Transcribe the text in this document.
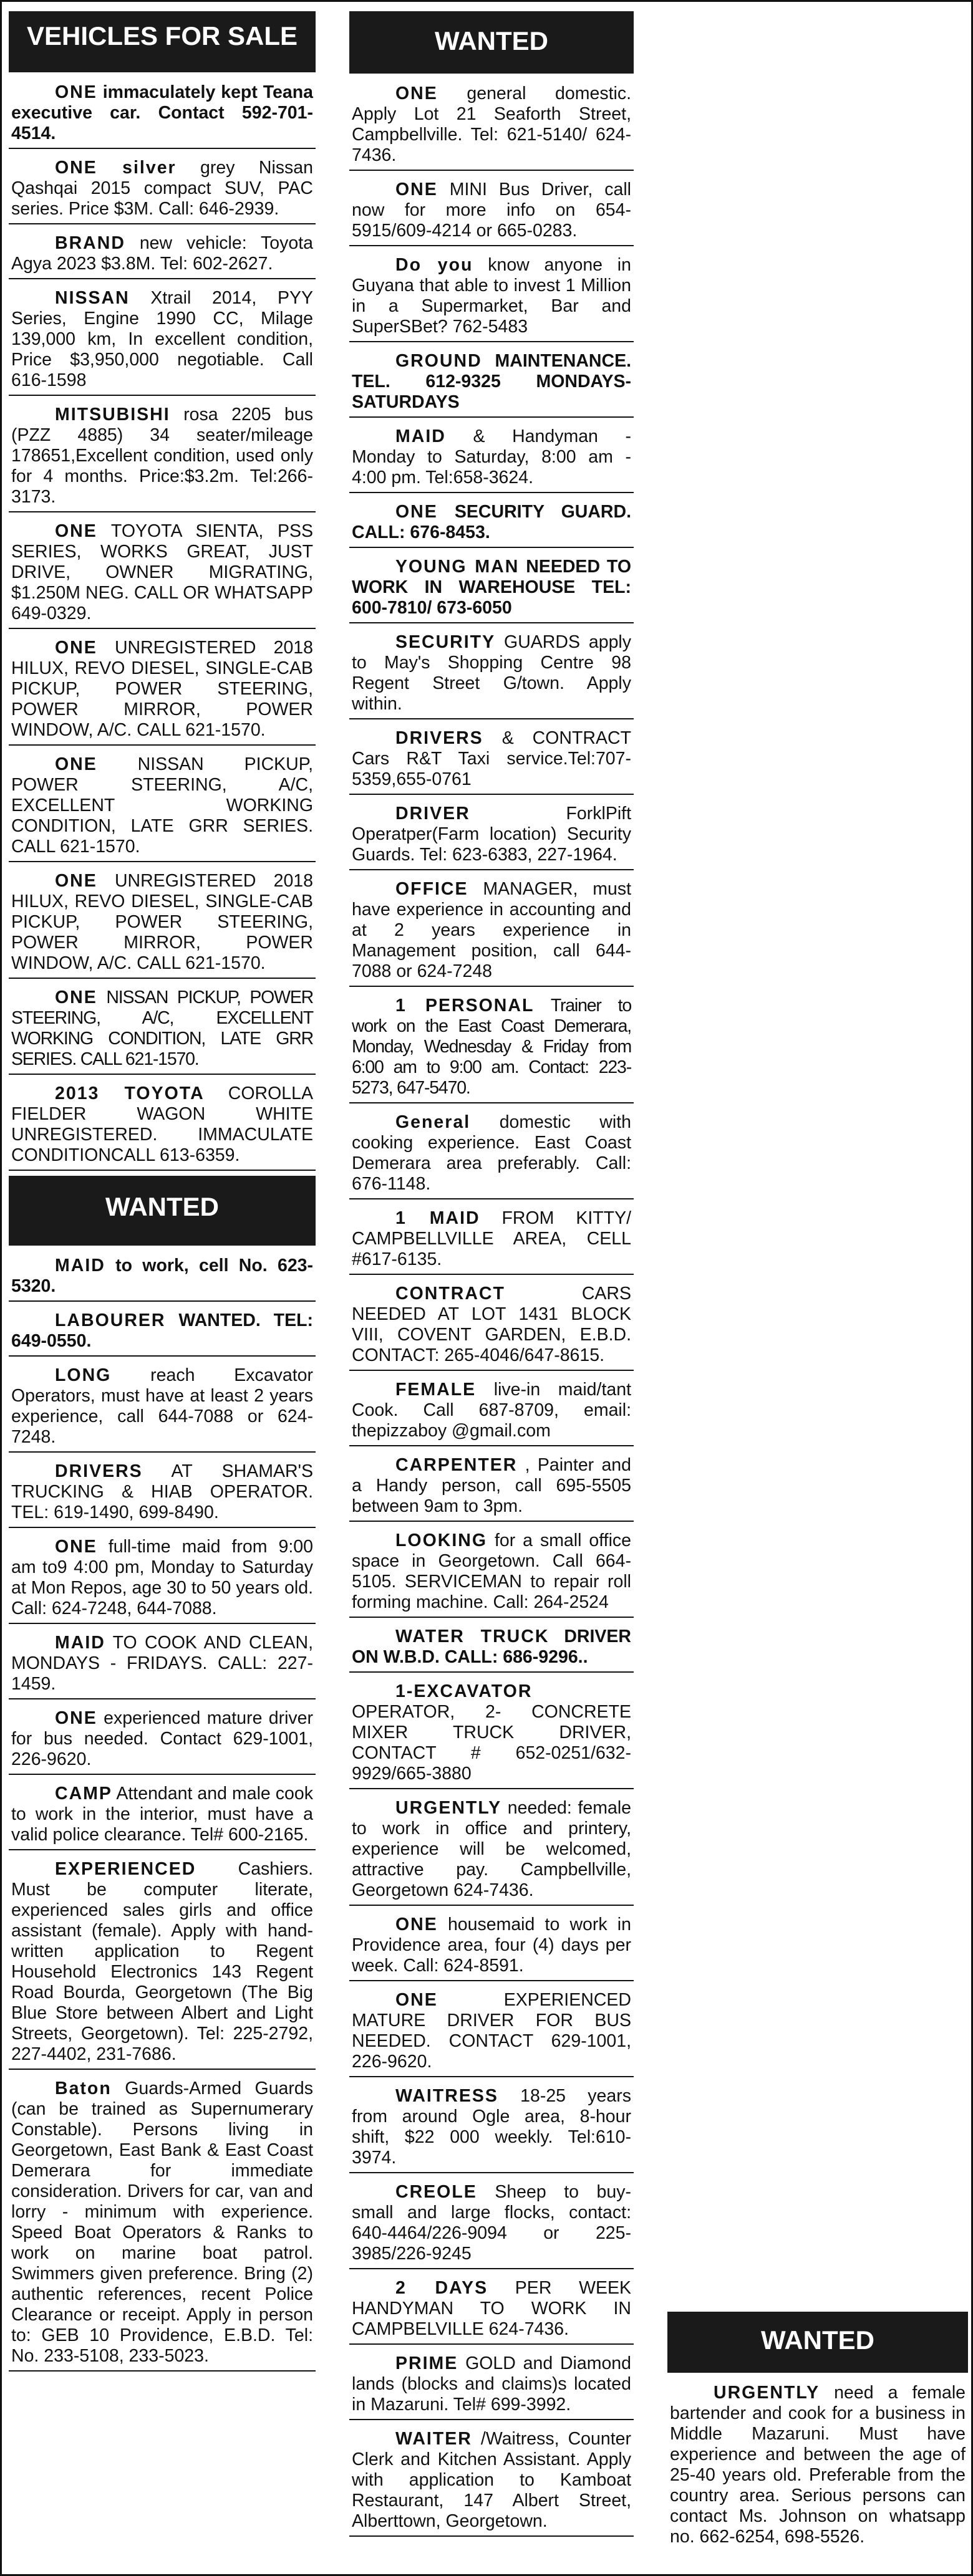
VEHICLES FOR SALE
ONE immaculately kept Teana executive car. Contact 592-701-4514.
ONE silver grey Nissan Qashqai 2015 compact SUV, PAC series. Price $3M. Call: 646-2939.
BRAND new vehicle: Toyota Agya 2023 $3.8M. Tel: 602-2627.
NISSAN Xtrail 2014, PYY Series, Engine 1990 CC, Milage 139,000 km, In excellent condition, Price $3,950,000 negotiable. Call 616-1598
MITSUBISHI rosa 2205 bus (PZZ 4885) 34 seater/mileage 178651,Excellent condition, used only for 4 months. Price:$3.2m. Tel:266-3173.
ONE TOYOTA SIENTA, PSS SERIES, WORKS GREAT, JUST DRIVE, OWNER MIGRATING, $1.250M NEG. CALL OR WHATSAPP 649-0329.
ONE UNREGISTERED 2018 HILUX, REVO DIESEL, SINGLE-CAB PICKUP, POWER STEERING, POWER MIRROR, POWER WINDOW, A/C. CALL 621-1570.
ONE NISSAN PICKUP, POWER STEERING, A/C, EXCELLENT WORKING CONDITION, LATE GRR SERIES. CALL 621-1570.
ONE UNREGISTERED 2018 HILUX, REVO DIESEL, SINGLE-CAB PICKUP, POWER STEERING, POWER MIRROR, POWER WINDOW, A/C. CALL 621-1570.
ONE NISSAN PICKUP, POWER STEERING, A/C, EXCELLENT WORKING CONDITION, LATE GRR SERIES. CALL 621-1570.
2013 TOYOTA COROLLA FIELDER WAGON WHITE UNREGISTERED. IMMACULATE CONDITIONCALL 613-6359.
WANTED
MAID to work, cell No. 623-5320.
LABOURER WANTED. TEL: 649-0550.
LONG reach Excavator Operators, must have at least 2 years experience, call 644-7088 or 624-7248.
DRIVERS AT SHAMAR'S TRUCKING & HIAB OPERATOR. TEL: 619-1490, 699-8490.
ONE full-time maid from 9:00 am to9 4:00 pm, Monday to Saturday at Mon Repos, age 30 to 50 years old. Call: 624-7248, 644-7088.
MAID TO COOK AND CLEAN, MONDAYS - FRIDAYS. CALL: 227-1459.
ONE experienced mature driver for bus needed. Contact 629-1001, 226-9620.
CAMP Attendant and male cook to work in the interior, must have a valid police clearance. Tel# 600-2165.
EXPERIENCED Cashiers. Must be computer literate, experienced sales girls and office assistant (female). Apply with hand-written application to Regent Household Electronics 143 Regent Road Bourda, Georgetown (The Big Blue Store between Albert and Light Streets, Georgetown). Tel: 225-2792, 227-4402, 231-7686.
Baton Guards-Armed Guards (can be trained as Supernumerary Constable). Persons living in Georgetown, East Bank & East Coast Demerara for immediate consideration. Drivers for car, van and lorry - minimum with experience. Speed Boat Operators & Ranks to work on marine boat patrol. Swimmers given preference. Bring (2) authentic references, recent Police Clearance or receipt. Apply in person to: GEB 10 Providence, E.B.D. Tel: No. 233-5108, 233-5023.
WANTED
ONE general domestic. Apply Lot 21 Seaforth Street, Campbellville. Tel: 621-5140/ 624-7436.
ONE MINI Bus Driver, call now for more info on 654-5915/609-4214 or 665-0283.
Do you know anyone in Guyana that able to invest 1 Million in a Supermarket, Bar and SuperSBet? 762-5483
GROUND MAINTENANCE. TEL. 612-9325 MONDAYS-SATURDAYS
MAID & Handyman - Monday to Saturday, 8:00 am - 4:00 pm. Tel:658-3624.
ONE SECURITY GUARD. CALL: 676-8453.
YOUNG MAN NEEDED TO WORK IN WAREHOUSE TEL: 600-7810/ 673-6050
SECURITY GUARDS apply to May's Shopping Centre 98 Regent Street G/town. Apply within.
DRIVERS & CONTRACT Cars R&T Taxi service.Tel:707-5359,655-0761
DRIVER	ForklPift Operatper(Farm location) Security Guards. Tel: 623-6383, 227-1964.
OFFICE MANAGER, must have experience in accounting and at 2 years experience in Management position, call 644-7088 or 624-7248
1 PERSONAL Trainer to work on the East Coast Demerara, Monday, Wednesday & Friday from 6:00 am to 9:00 am. Contact: 223-5273, 647-5470.
General domestic with cooking experience. East Coast Demerara area preferably. Call: 676-1148.
1 MAID FROM KITTY/ CAMPBELLVILLE AREA, CELL #617-6135.
CONTRACT	CARS NEEDED AT LOT 1431 BLOCK VIII, COVENT GARDEN, E.B.D. CONTACT: 265-4046/647-8615.
FEMALE live-in maid/tant Cook. Call 687-8709, email: thepizzaboy @gmail.com
CARPENTER , Painter and a Handy person, call 695-5505 between 9am to 3pm.
LOOKING for a small office space in Georgetown. Call 664-5105. SERVICEMAN to repair roll forming machine. Call: 264-2524
WATER TRUCK DRIVER ON W.B.D. CALL: 686-9296..
1-EXCAVATOR OPERATOR, 2- CONCRETE MIXER TRUCK DRIVER, CONTACT # 652-0251/632-9929/665-3880
URGENTLY needed: female to work in office and printery, experience will be welcomed, attractive pay. Campbellville, Georgetown 624-7436.
ONE housemaid to work in Providence area, four (4) days per week. Call: 624-8591.
ONE	EXPERIENCED MATURE DRIVER FOR BUS NEEDED. CONTACT 629-1001, 226-9620.
WAITRESS 18-25 years from around Ogle area, 8-hour shift, $22 000 weekly. Tel:610-3974.
CREOLE Sheep to buy-small and large flocks, contact: 640-4464/226-9094 or 225-3985/226-9245
2 DAYS PER WEEK HANDYMAN TO WORK IN CAMPBELVILLE 624-7436.
PRIME GOLD and Diamond lands (blocks and claims)s located in Mazaruni. Tel# 699-3992.
WAITER /Waitress, Counter Clerk and Kitchen Assistant. Apply with application to Kamboat Restaurant, 147 Albert Street, Alberttown, Georgetown.
WANTED
URGENTLY need a female bartender and cook for a business in Middle Mazaruni. Must have experience and between the age of 25-40 years old. Preferable from the country area. Serious persons can contact Ms. Johnson on whatsapp no. 662-6254, 698-5526.
